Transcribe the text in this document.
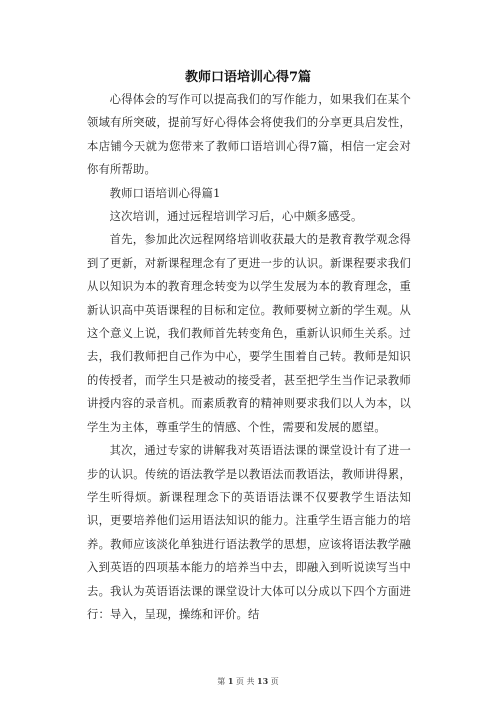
教师口语培训心得7篇

心得体会的写作可以提高我们的写作能力，如果我们在某个领域有所突破，提前写好心得体会将使我们的分享更具启发性，本店铺今天就为您带来了教师口语培训心得7篇，相信一定会对你有所帮助。

教师口语培训心得篇1

这次培训，通过远程培训学习后，心中颇多感受。

首先，参加此次远程网络培训收获最大的是教育教学观念得到了更新，对新课程理念有了更进一步的认识。新课程要求我们从以知识为本的教育理念转变为以学生发展为本的教育理念，重新认识高中英语课程的目标和定位。教师要树立新的学生观。从这个意义上说，我们教师首先转变角色，重新认识师生关系。过去，我们教师把自己作为中心，要学生围着自己转。教师是知识的传授者，而学生只是被动的接受者，甚至把学生当作记录教师讲授内容的录音机。而素质教育的精神则要求我们以人为本，以学生为主体，尊重学生的情感、个性，需要和发展的愿望。

其次，通过专家的讲解我对英语语法课的课堂设计有了进一步的认识。传统的语法教学是以教语法而教语法，教师讲得累，学生听得烦。新课程理念下的英语语法课不仅要教学生语法知识，更要培养他们运用语法知识的能力。注重学生语言能力的培养。教师应该淡化单独进行语法教学的思想，应该将语法教学融入到英语的四项基本能力的培养当中去，即融入到听说读写当中去。我认为英语语法课的课堂设计大体可以分成以下四个方面进行：导入，呈现，操练和评价。结

第 1 页 共 13 页
